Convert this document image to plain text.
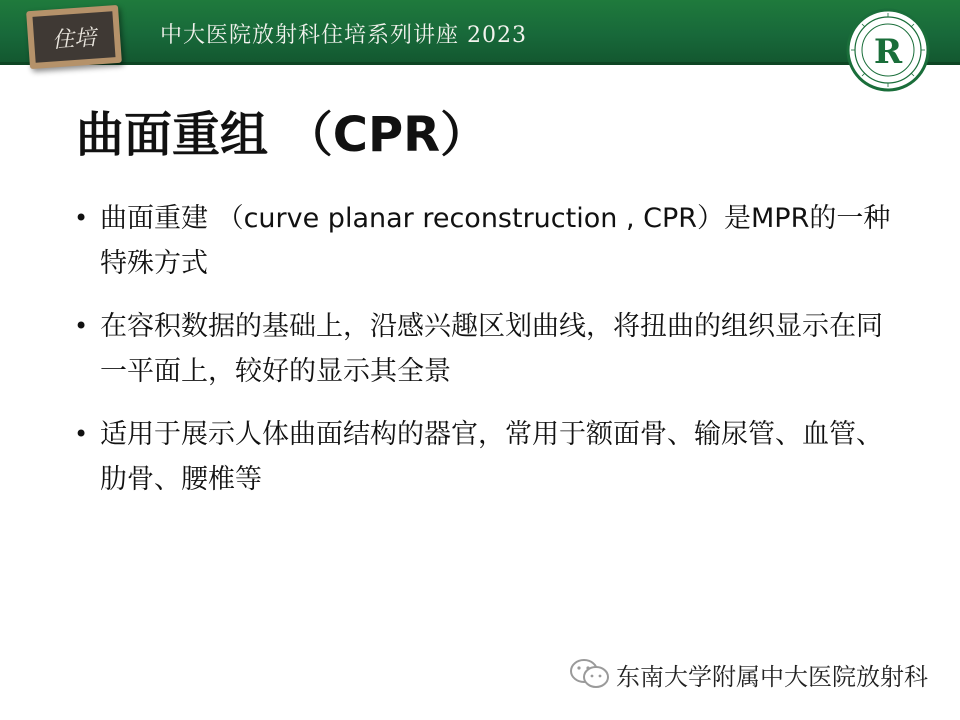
住培	中大医院放射科住培系列讲座 2023	R
曲面重组 （CPR）
• 曲面重建 （curve planar reconstruction , CPR）是MPR的一种特殊方式
• 在容积数据的基础上，沿感兴趣区划曲线，将扭曲的组织显示在同一平面上，较好的显示其全景
• 适用于展示人体曲面结构的器官，常用于额面骨、输尿管、血管、肋骨、腰椎等
东南大学附属中大医院放射科
